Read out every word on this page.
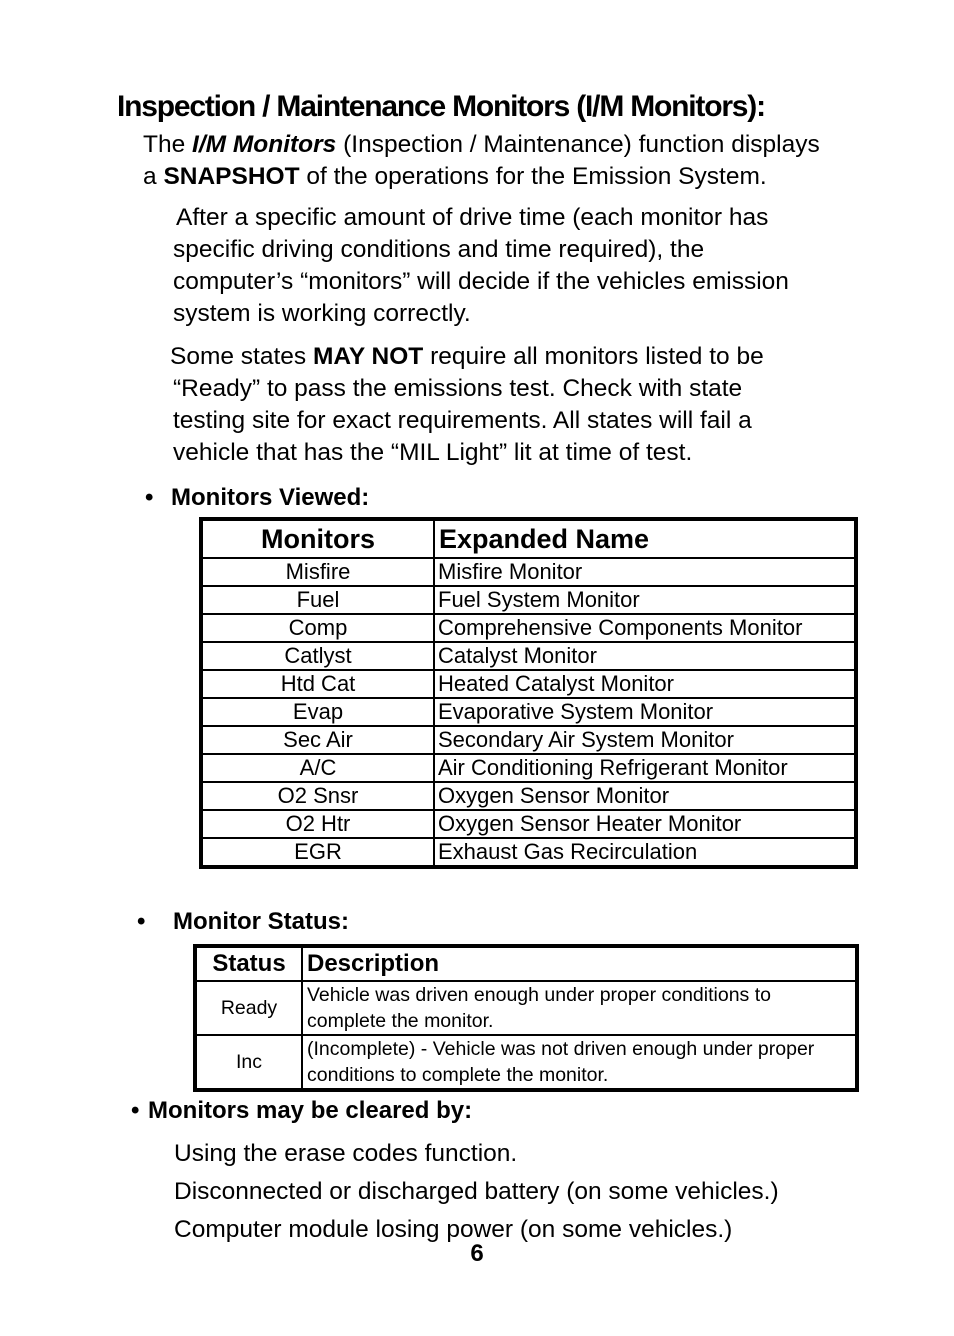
Inspection / Maintenance Monitors (I/M Monitors):
The I/M Monitors (Inspection / Maintenance) function displays
a SNAPSHOT of the operations for the Emission System.
After a specific amount of drive time (each monitor has
specific driving conditions and time required), the
computer’s “monitors” will decide if the vehicles emission
system is working correctly.
Some states MAY NOT require all monitors listed to be
“Ready” to pass the emissions test. Check with state
testing site for exact requirements. All states will fail a
vehicle that has the “MIL Light” lit at time of test.
• Monitors Viewed:
Monitors	Expanded Name
Misfire	Misfire Monitor
Fuel	Fuel System Monitor
Comp	Comprehensive Components Monitor
Catlyst	Catalyst Monitor
Htd Cat	Heated Catalyst Monitor
Evap	Evaporative System Monitor
Sec Air	Secondary Air System Monitor
A/C	Air Conditioning Refrigerant Monitor
O2 Snsr	Oxygen Sensor Monitor
O2 Htr	Oxygen Sensor Heater Monitor
EGR	Exhaust Gas Recirculation
• Monitor Status:
Status	Description
Ready	Vehicle was driven enough under proper conditions to complete the monitor.
Inc	(Incomplete) - Vehicle was not driven enough under proper conditions to complete the monitor.
• Monitors may be cleared by:
Using the erase codes function.
Disconnected or discharged battery (on some vehicles.)
Computer module losing power (on some vehicles.)
6
